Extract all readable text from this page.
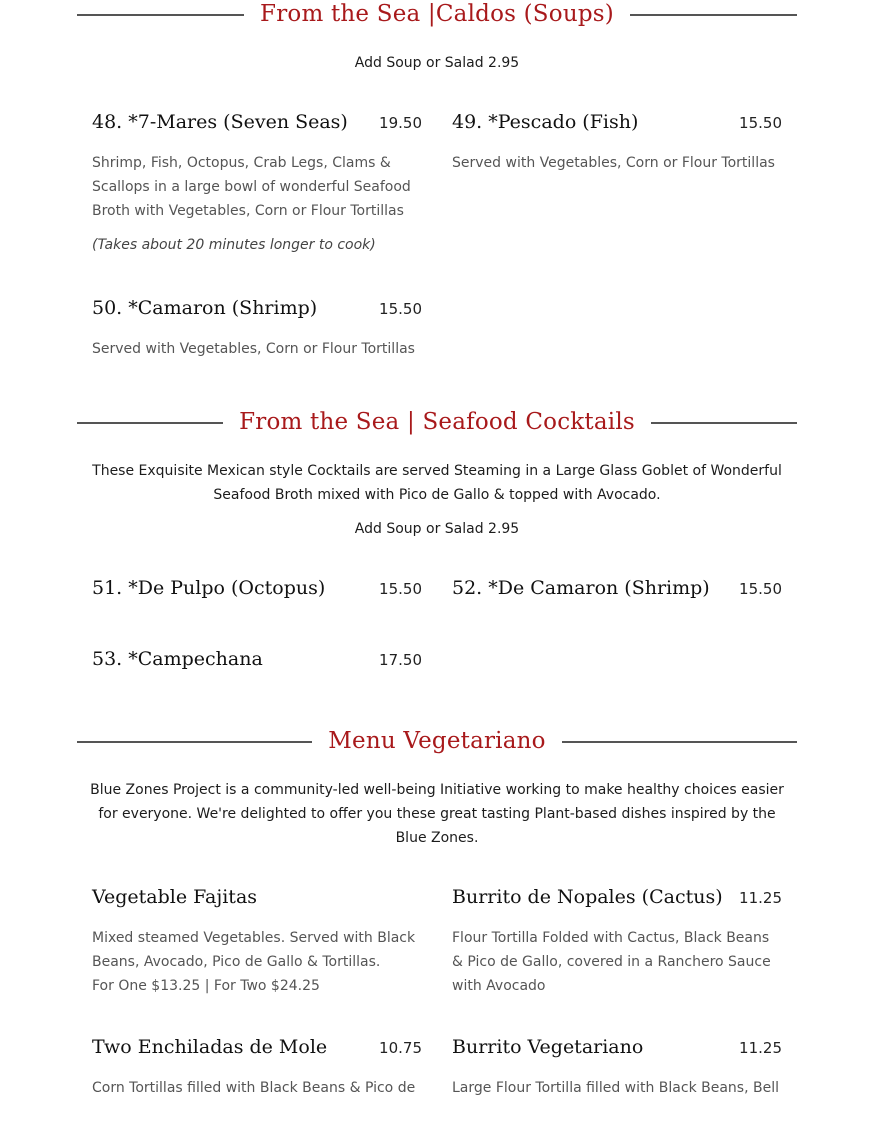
From the Sea |Caldos (Soups)

Add Soup or Salad 2.95

48. *7-Mares (Seven Seas) 19.50
Shrimp, Fish, Octopus, Crab Legs, Clams & Scallops in a large bowl of wonderful Seafood Broth with Vegetables, Corn or Flour Tortillas
(Takes about 20 minutes longer to cook)
49. *Pescado (Fish)	15.50
Served with Vegetables, Corn or Flour Tortillas
50. *Camaron (Shrimp)	15.50
Served with Vegetables, Corn or Flour Tortillas
From the Sea | Seafood Cocktails

These Exquisite Mexican style Cocktails are served Steaming in a Large Glass Goblet of Wonderful Seafood Broth mixed with Pico de Gallo & topped with Avocado.

Add Soup or Salad 2.95

51. *De Pulpo (Octopus)	15.50 52. *De Camaron (Shrimp) 15.50
53. *Campechana	17.50
Menu Vegetariano

Blue Zones Project is a community-led well-being Initiative working to make healthy choices easier for everyone. We're delighted to offer you these great tasting Plant-based dishes inspired by the Blue Zones.

Vegetable Fajitas
Mixed steamed Vegetables. Served with Black Beans, Avocado, Pico de Gallo & Tortillas.
For One $13.25 | For Two $24.25
Burrito de Nopales (Cactus) 11.25
Flour Tortilla Folded with Cactus, Black Beans & Pico de Gallo, covered in a Ranchero Sauce with Avocado
Two Enchiladas de Mole	10.75
Corn Tortillas filled with Black Beans & Pico de
Burrito Vegetariano	11.25
Large Flour Tortilla filled with Black Beans, Bell
